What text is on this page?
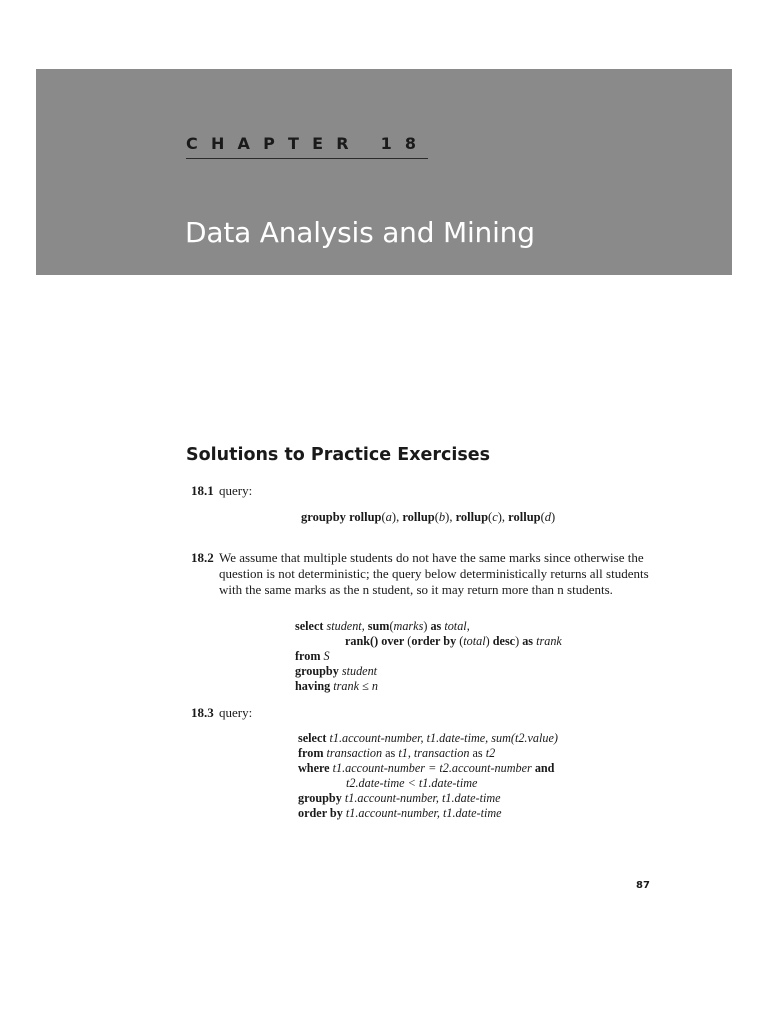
CHAPTER 18
Data Analysis and Mining
Solutions to Practice Exercises
18.1 query:
groupby rollup(a), rollup(b), rollup(c), rollup(d)
18.2 We assume that multiple students do not have the same marks since otherwise the question is not deterministic; the query below deterministically returns all students with the same marks as the n student, so it may return more than n students.
select student, sum(marks) as total,
rank() over (order by (total) desc) as trank
from S
groupby student
having trank ≤ n
18.3 query:
select t1.account-number, t1.date-time, sum(t2.value)
from transaction as t1, transaction as t2
where t1.account-number = t2.account-number and
t2.date-time < t1.date-time
groupby t1.account-number, t1.date-time
order by t1.account-number, t1.date-time
87
